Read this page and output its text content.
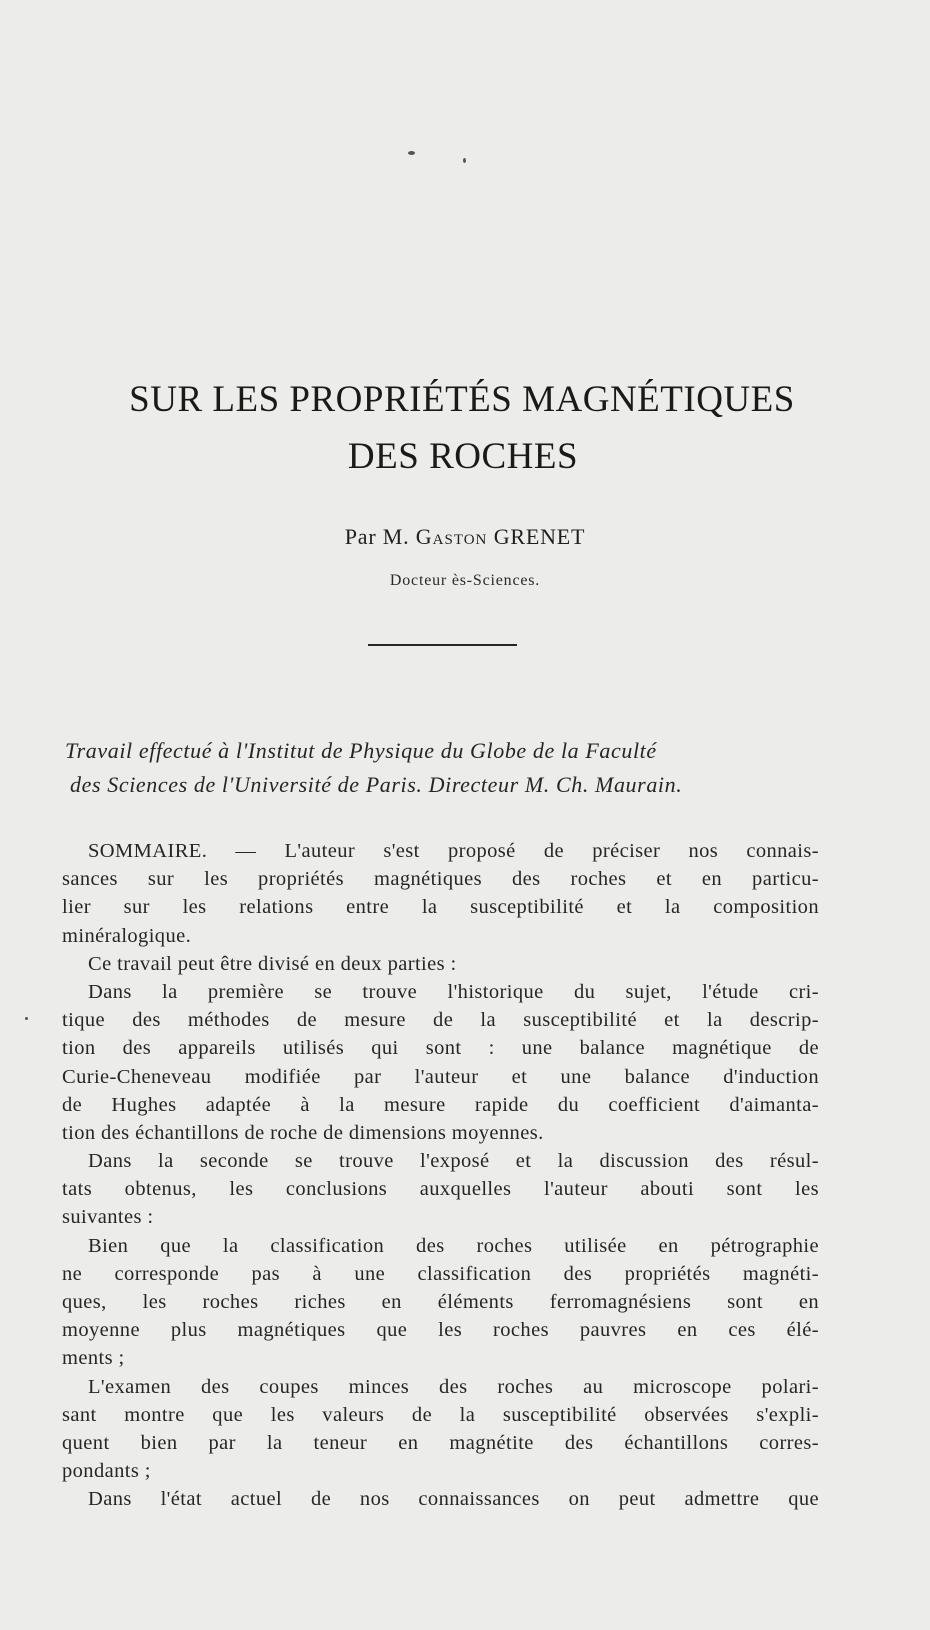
SUR LES PROPRIÉTÉS MAGNÉTIQUES
DES ROCHES
Par M. Gaston GRENET
Docteur ès-Sciences.
Travail effectué à l'Institut de Physique du Globe de la Faculté
des Sciences de l'Université de Paris. Directeur M. Ch. Maurain.
SOMMAIRE. — L'auteur s'est proposé de préciser nos connais-
sances sur les propriétés magnétiques des roches et en particu-
lier sur les relations entre la susceptibilité et la composition
minéralogique.
Ce travail peut être divisé en deux parties :
Dans la première se trouve l'historique du sujet, l'étude cri-
tique des méthodes de mesure de la susceptibilité et la descrip-
tion des appareils utilisés qui sont : une balance magnétique de
Curie-Cheneveau modifiée par l'auteur et une balance d'induction
de Hughes adaptée à la mesure rapide du coefficient d'aimanta-
tion des échantillons de roche de dimensions moyennes.
Dans la seconde se trouve l'exposé et la discussion des résul-
tats obtenus, les conclusions auxquelles l'auteur abouti sont les
suivantes :
Bien que la classification des roches utilisée en pétrographie
ne corresponde pas à une classification des propriétés magnéti-
ques, les roches riches en éléments ferromagnésiens sont en
moyenne plus magnétiques que les roches pauvres en ces élé-
ments ;
L'examen des coupes minces des roches au microscope polari-
sant montre que les valeurs de la susceptibilité observées s'expli-
quent bien par la teneur en magnétite des échantillons corres-
pondants ;
Dans l'état actuel de nos connaissances on peut admettre que
